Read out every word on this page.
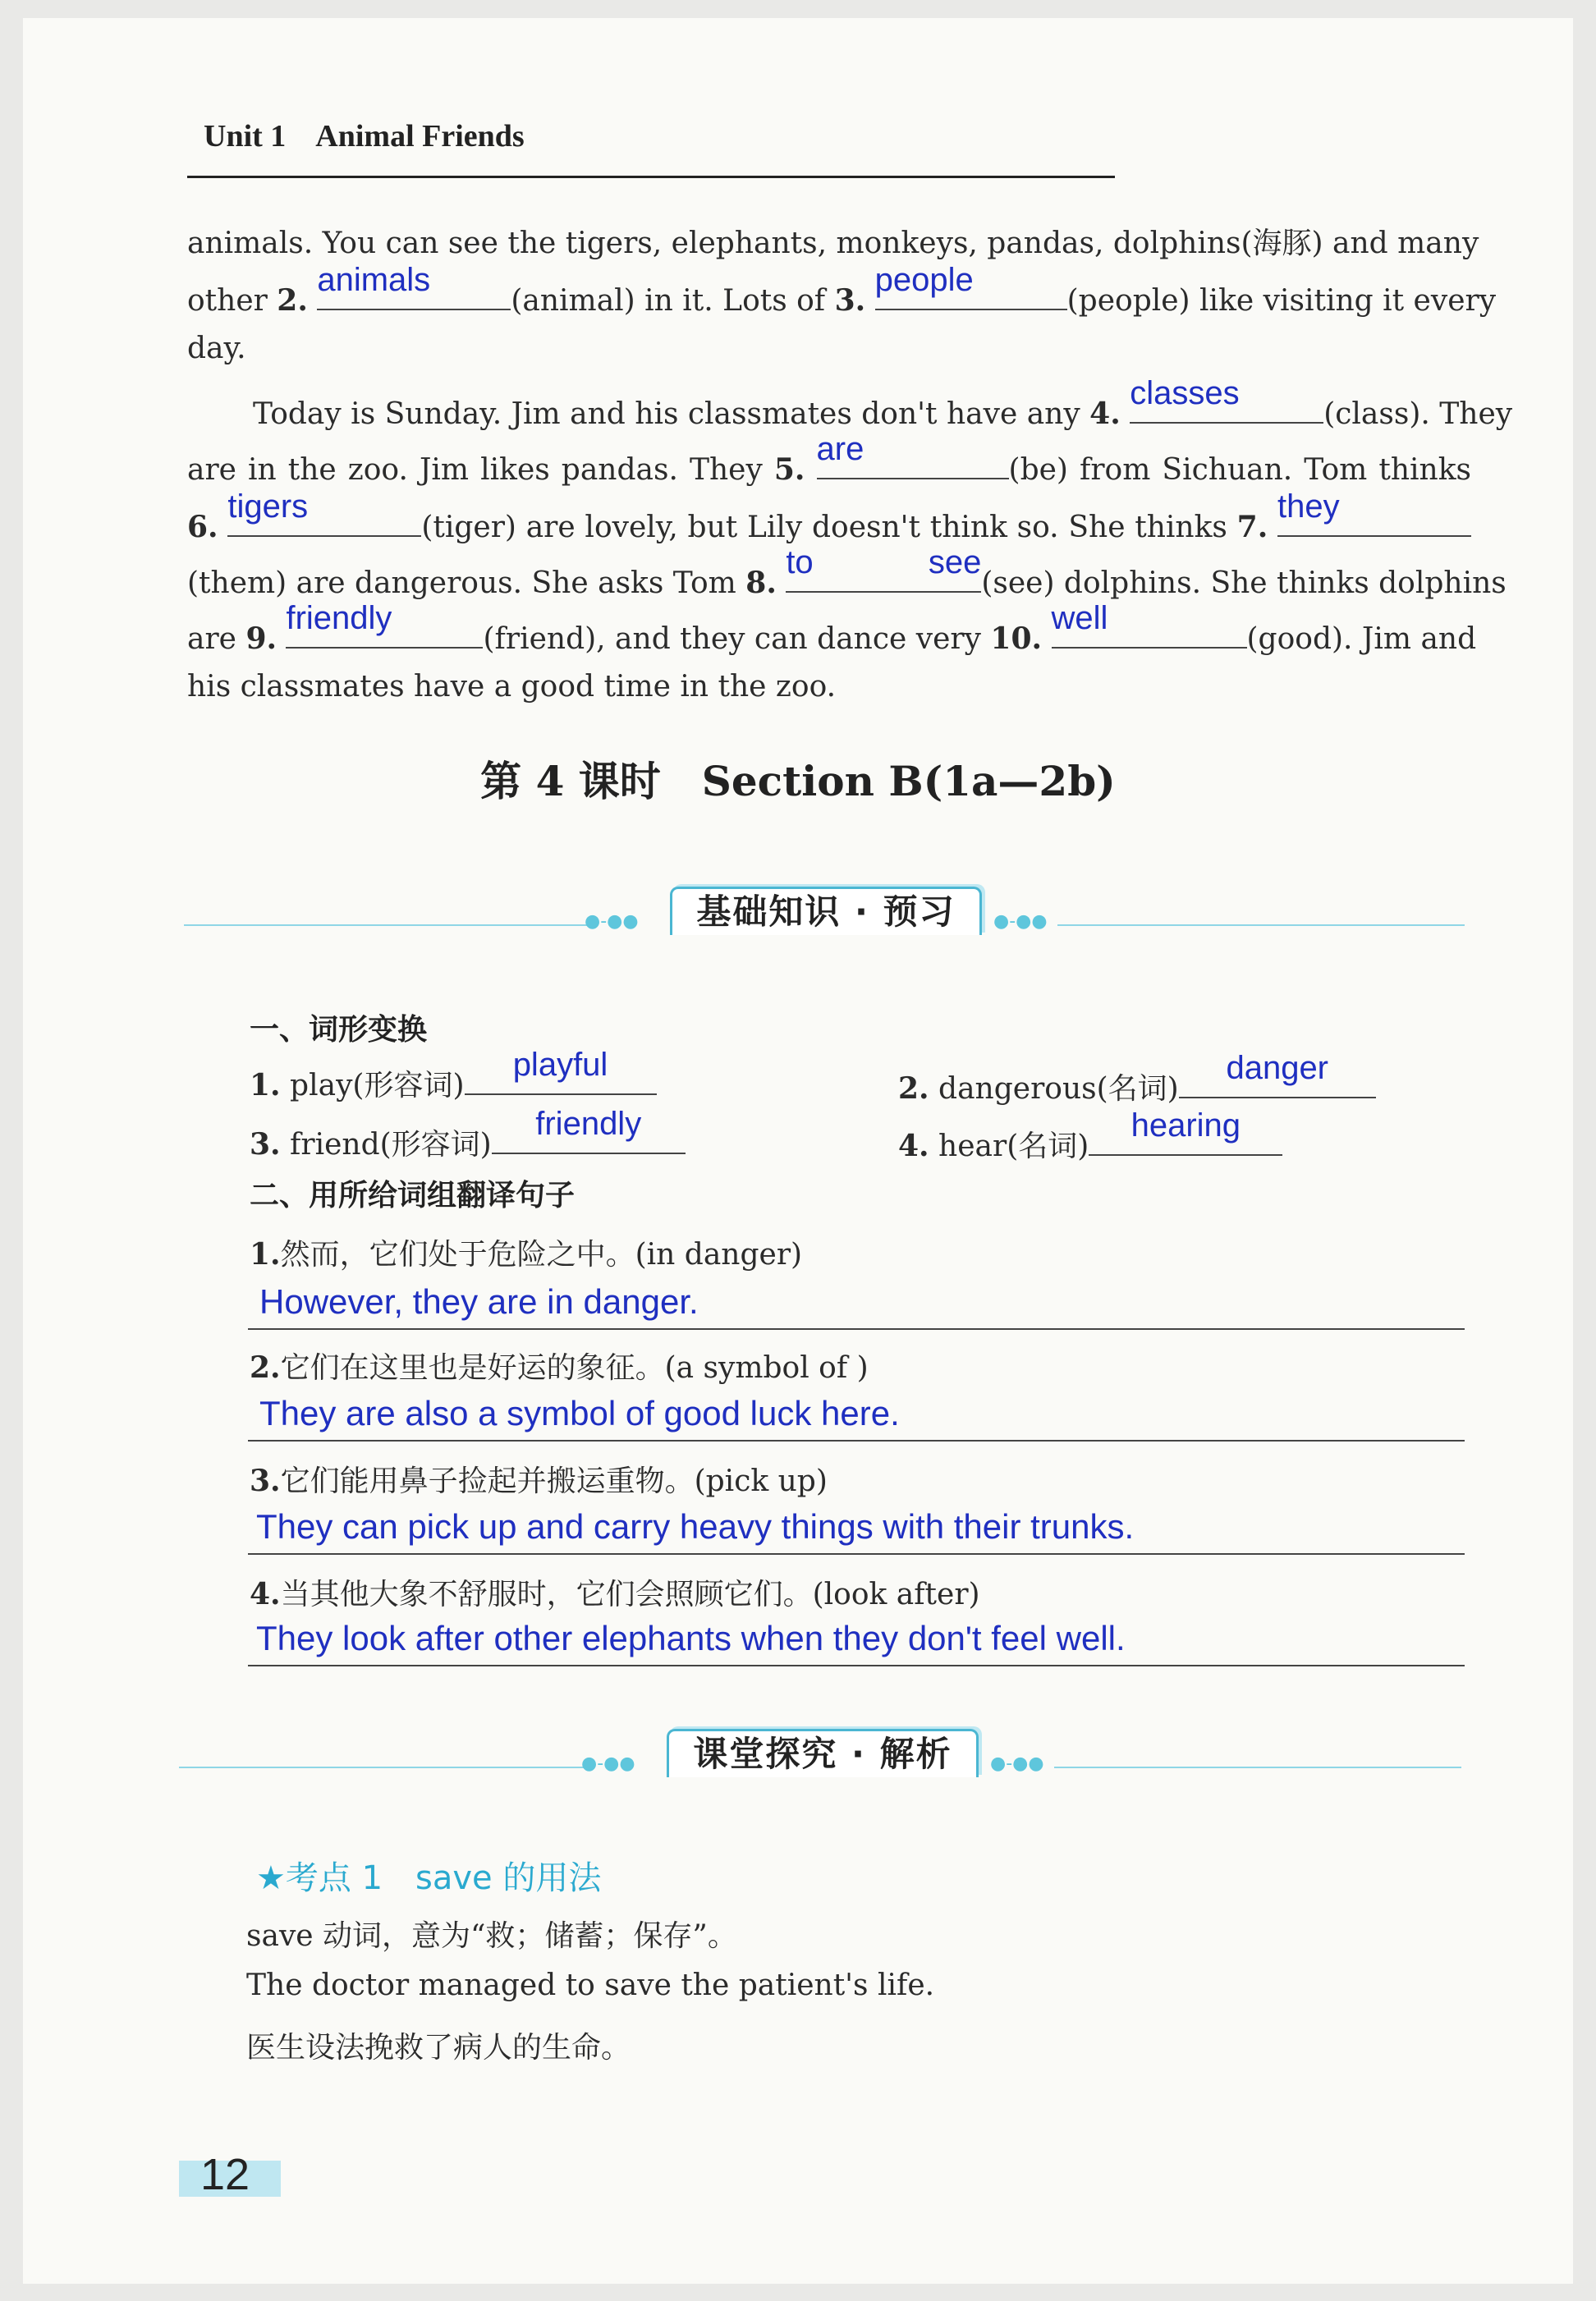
Unit 1 Animal Friends
animals. You can see the tigers, elephants, monkeys, pandas, dolphins(海豚) and many
other 2.
animals
(animal) in it. Lots of 3.
people
(people) like visiting it every
day.
Today is Sunday. Jim and his classmates don't have any 4.
classes
(class). They
are in the zoo. Jim likes pandas. They 5.
are
(be) from Sichuan. Tom thinks
6.
tigers
(tiger) are lovely, but Lily doesn't think so. She thinks 7.
they
(them) are dangerous. She asks Tom 8.
to see
(see) dolphins. She thinks dolphins
are 9.
friendly
(friend), and they can dance very 10.
well
(good). Jim and
his classmates have a good time in the zoo.
第 4 课时　Section B(1a—2b)
●-●●	基础知识 · 预习	●-●●
一、词形变换
1. play(形容词)
playful
2. dangerous(名词)
danger
3. friend(形容词)
friendly
4. hear(名词)
hearing
二、用所给词组翻译句子
1.然而，它们处于危险之中。(in danger)
However, they are in danger.
2.它们在这里也是好运的象征。(a symbol of )
They are also a symbol of good luck here.
3.它们能用鼻子捡起并搬运重物。(pick up)
They can pick up and carry heavy things with their trunks.
4.当其他大象不舒服时，它们会照顾它们。(look after)
They look after other elephants when they don't feel well.
●-●●	课堂探究 · 解析	●-●●
★考点 1　 save 的用法
save 动词，意为“救；储蓄；保存”。
The doctor managed to save the patient's life.
医生设法挽救了病人的生命。
12
